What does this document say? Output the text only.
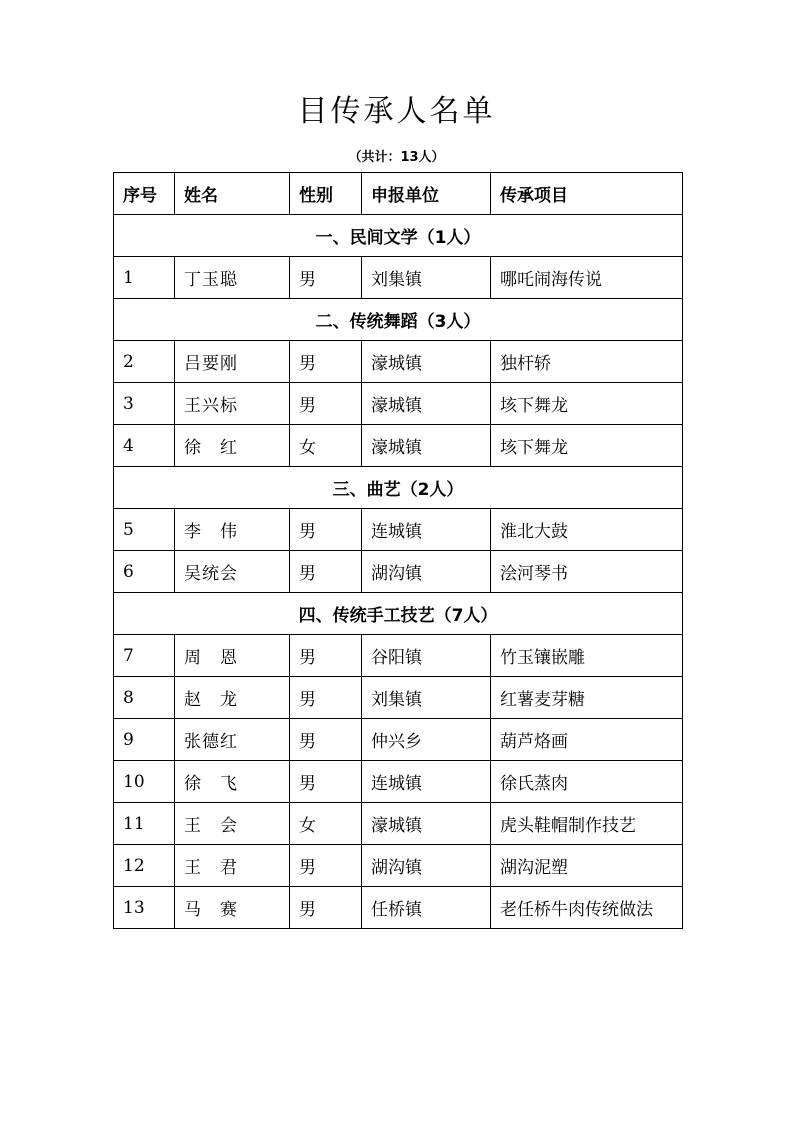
目传承人名单
（共计：13人）
序号	姓名	性别	申报单位	传承项目
一、民间文学（1人）				
1	丁玉聪	男	刘集镇	哪吒闹海传说
二、传统舞蹈（3人）				
2	吕要刚	男	濠城镇	独杆轿
3	王兴标	男	濠城镇	垓下舞龙
4	徐　红	女	濠城镇	垓下舞龙
三、曲艺（2人）				
5	李　伟	男	连城镇	淮北大鼓
6	吴统会	男	湖沟镇	浍河琴书
四、传统手工技艺（7人）				
7	周　恩	男	谷阳镇	竹玉镶嵌雕
8	赵　龙	男	刘集镇	红薯麦芽糖
9	张德红	男	仲兴乡	葫芦烙画
10	徐　飞	男	连城镇	徐氏蒸肉
11	王　会	女	濠城镇	虎头鞋帽制作技艺
12	王　君	男	湖沟镇	湖沟泥塑
13	马　赛	男	任桥镇	老任桥牛肉传统做法
